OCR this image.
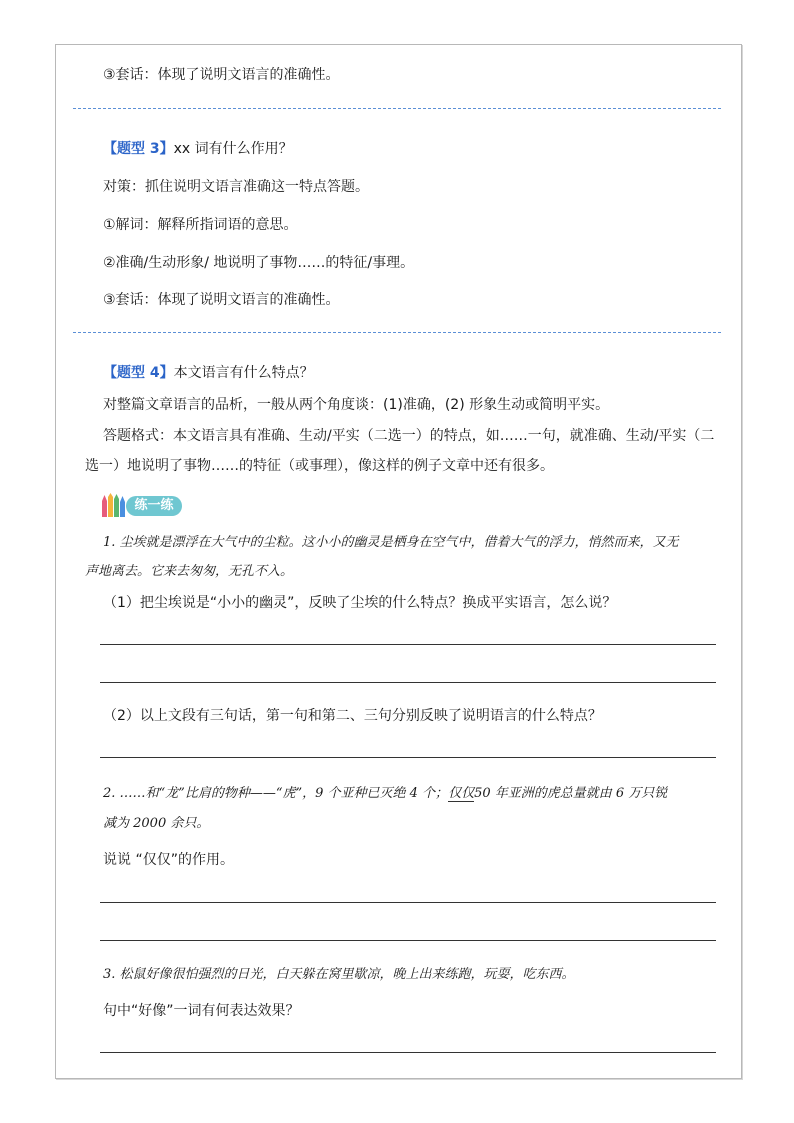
③套话：体现了说明文语言的准确性。
【题型 3】xx 词有什么作用？
对策：抓住说明文语言准确这一特点答题。
①解词：解释所指词语的意思。
②准确/生动形象/ 地说明了事物……的特征/事理。
③套话：体现了说明文语言的准确性。
【题型 4】本文语言有什么特点？
对整篇文章语言的品析，一般从两个角度谈：(1)准确，(2) 形象生动或简明平实。
答题格式：本文语言具有准确、生动/平实（二选一）的特点，如……一句，就准确、生动/平实（二
选一）地说明了事物……的特征（或事理），像这样的例子文章中还有很多。
练一练
1. 尘埃就是漂浮在大气中的尘粒。这小小的幽灵是栖身在空气中，借着大气的浮力，悄然而来，又无
声地离去。它来去匆匆，无孔不入。
（1）把尘埃说是“小小的幽灵”，反映了尘埃的什么特点？换成平实语言，怎么说？
（2）以上文段有三句话，第一句和第二、三句分别反映了说明语言的什么特点？
2. ……和“龙”比肩的物种——“虎”，9 个亚种已灭绝 4 个；仅仅50 年亚洲的虎总量就由 6 万只锐
减为 2000 余只。
说说 “仅仅”的作用。
3. 松鼠好像很怕强烈的日光，白天躲在窝里歇凉，晚上出来练跑，玩耍，吃东西。
句中“好像”一词有何表达效果？
